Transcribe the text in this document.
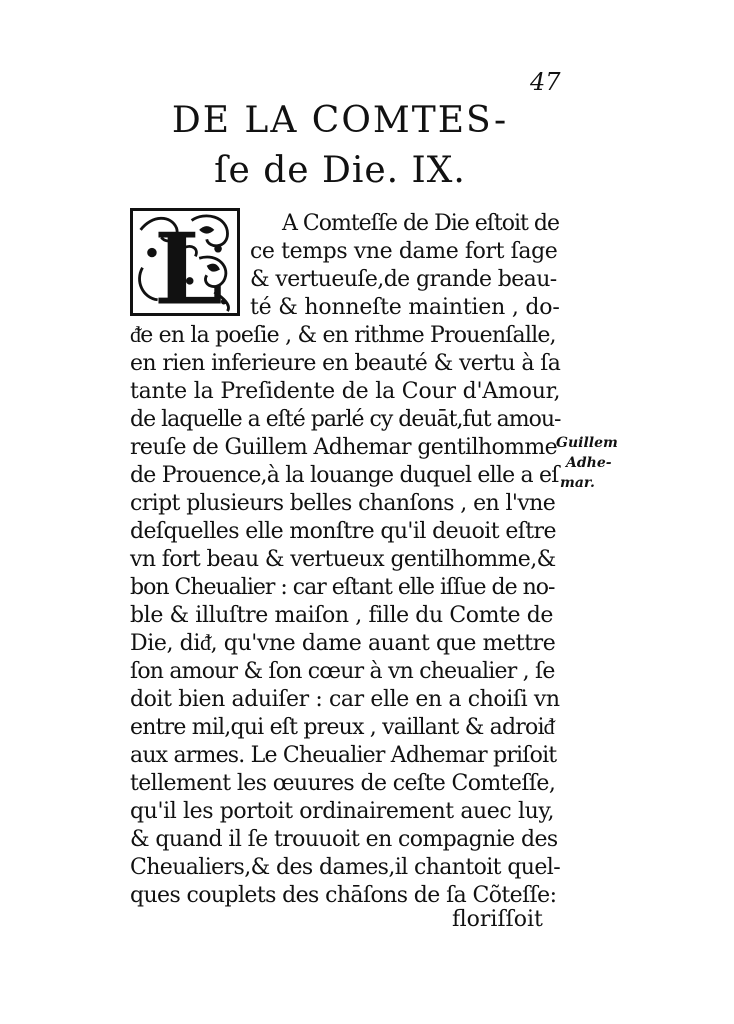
47
DE LA COMTES-
ſe de Die. IX.
L	A Comteſſe de Die eſtoit de
ce temps vne dame fort ſage
& vertueuſe,de grande beau-
té & honneſte maintien , do-
ᵭe en la poeſie , & en rithme Prouenſalle,
en rien inferieure en beauté & vertu à ſa
tante la Preſidente de la Cour d'Amour,
de laquelle a eſté parlé cy deuāt,fut amou-
reuſe de Guillem Adhemar gentilhomme
de Prouence,à la louange duquel elle a eſ
cript plusieurs belles chanſons , en l'vne
deſquelles elle monſtre qu'il deuoit eſtre
vn fort beau & vertueux gentilhomme,&
bon Cheualier : car eſtant elle iſſue de no-
ble & illuſtre maiſon , fille du Comte de
Die, diᵭ, qu'vne dame auant que mettre
ſon amour & ſon cœur à vn cheualier , ſe
doit bien aduiſer : car elle en a choiſi vn
entre mil,qui eſt preux , vaillant & adroiᵭ
aux armes. Le Cheualier Adhemar priſoit
tellement les œuures de ceſte Comteſſe,
qu'il les portoit ordinairement auec luy,
& quand il ſe trouuoit en compagnie des
Cheualiers,& des dames,il chantoit quel-
ques couplets des chāſons de ſa Cõteſſe:
floriſſoit
Guillem
Adhe-
mar.
